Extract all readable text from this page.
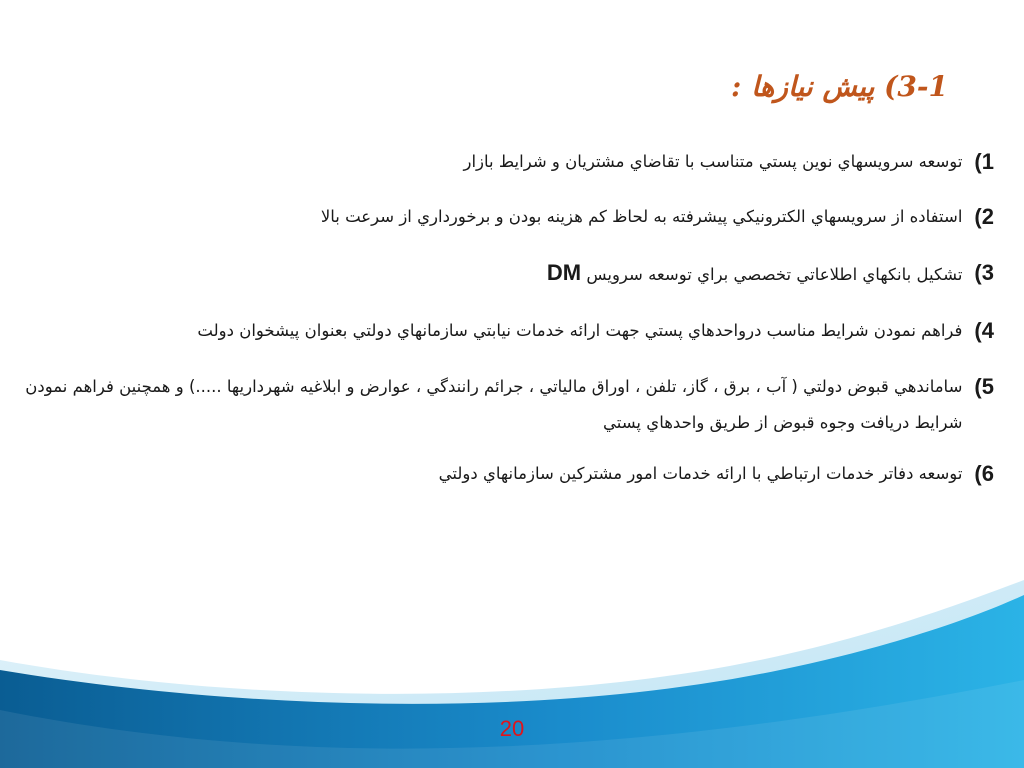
3-1) پیش نیازها :
1)
توسعه سرويسهاي نوين پستي متناسب با تقاضاي مشتريان و شرايط بازار
2)
استفاده از سرويسهاي الكترونيكي پيشرفته به لحاظ كم هزينه بودن و برخورداري از سرعت بالا
3)
تشكيل بانكهاي اطلاعاتي تخصصي براي توسعه سرويس DM
4)
فراهم نمودن شرايط مناسب درواحدهاي پستي جهت ارائه خدمات نيابتي سازمانهاي دولتي بعنوان پيشخوان دولت
5)
ساماندهي قبوض دولتي ( آب ، برق ، گاز، تلفن ، اوراق مالياتي ، جرائم رانندگي ، عوارض و ابلاغيه شهرداريها .....) و همچنين فراهم نمودن شرايط دريافت وجوه قبوض از طريق واحدهاي پستي
6)
توسعه دفاتر خدمات ارتباطي با ارائه خدمات امور مشتركين سازمانهاي دولتي
20
